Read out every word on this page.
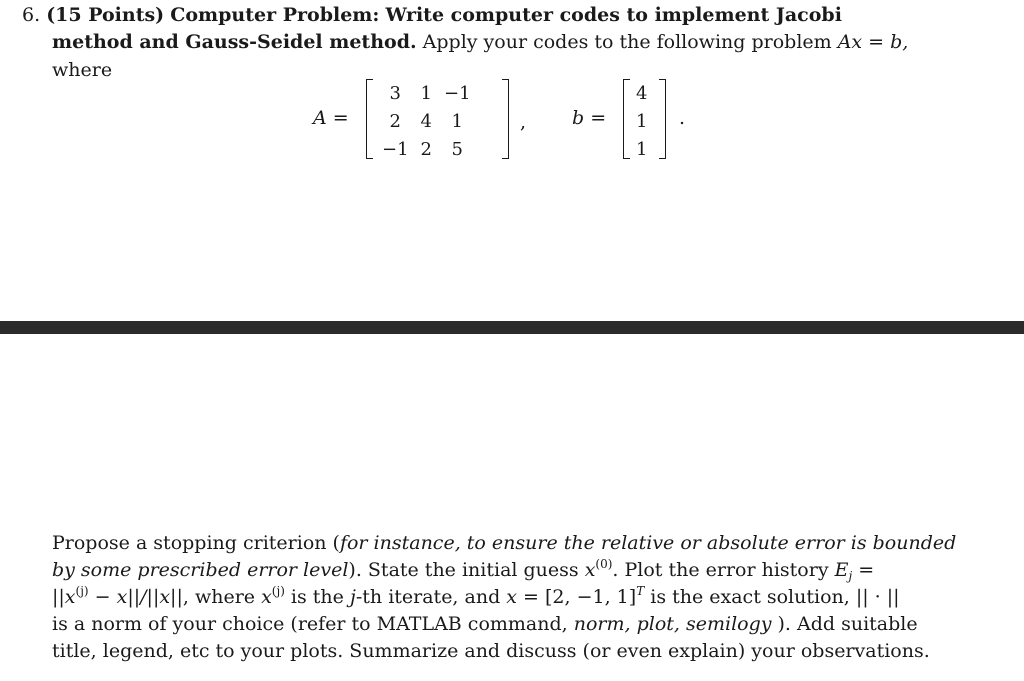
6. (15 Points) Computer Problem: Write computer codes to implement Jacobi
method and Gauss-Seidel method. Apply your codes to the following problem Ax = b,
where
A =
3	1	−1
2	4	1
−1	2	5
, b =
4
1
1
.
Propose a stopping criterion (for instance, to ensure the relative or absolute error is bounded
by some prescribed error level). State the initial guess $x^{(0)}$. Plot the error history $E_j$ =
$||x^{(j)} - x||/||x||$, where $x^{(j)}$ is the j-th iterate, and x = [2, −1, 1]$^T$ is the exact solution, || · ||
is a norm of your choice (refer to MATLAB command, norm, plot, semilogy ). Add suitable
title, legend, etc to your plots. Summarize and discuss (or even explain) your observations.
